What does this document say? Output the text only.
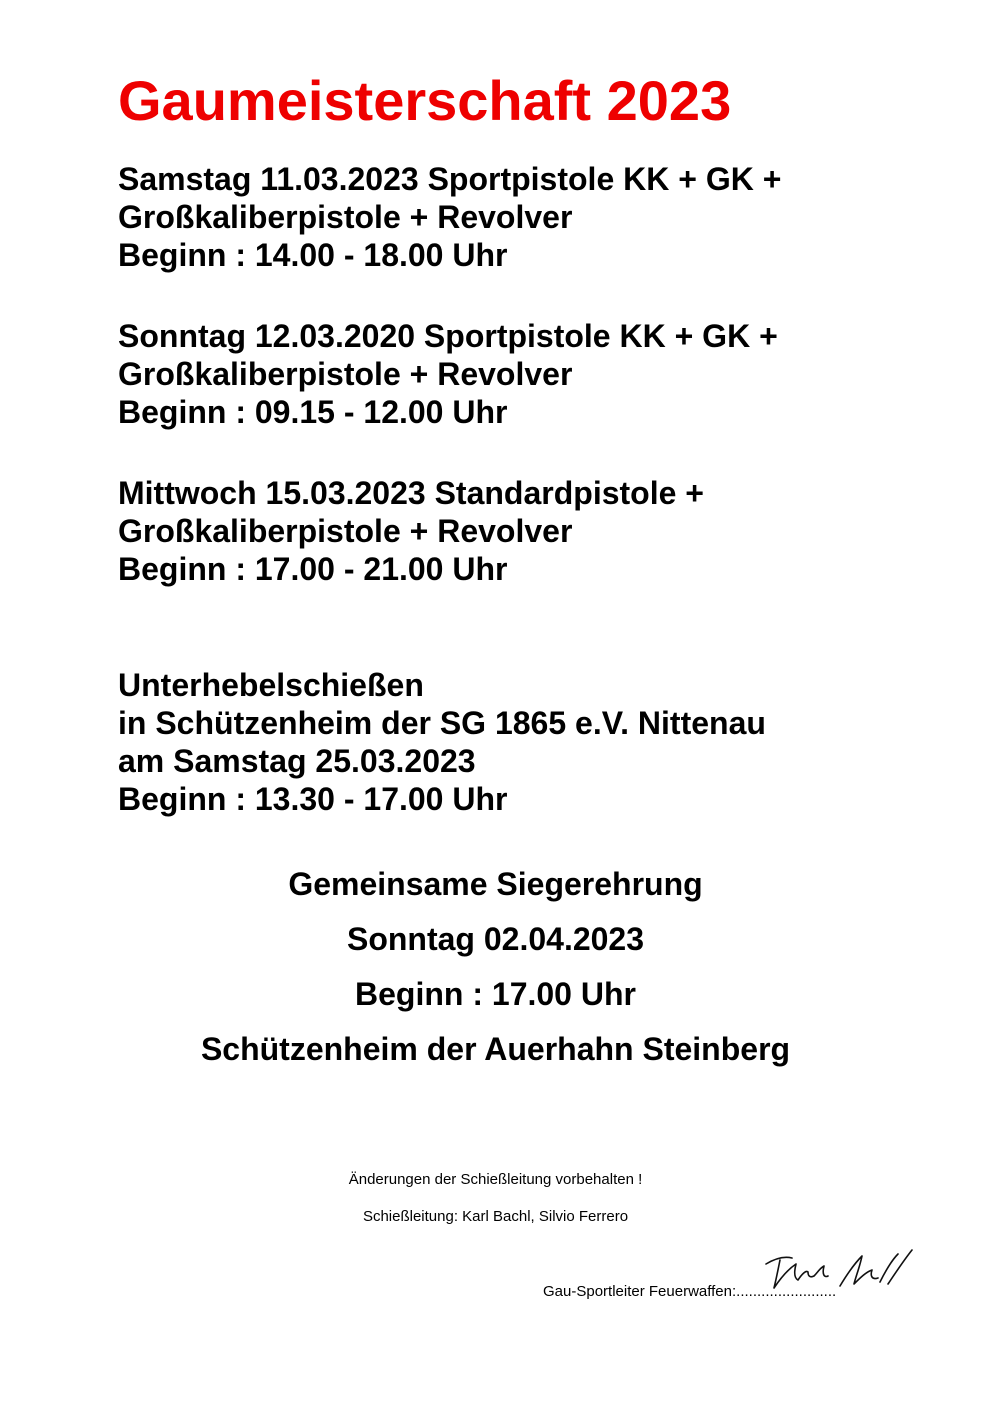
Gaumeisterschaft 2023
Samstag 11.03.2023 Sportpistole KK + GK +
Großkaliberpistole + Revolver
Beginn : 14.00 - 18.00 Uhr
Sonntag 12.03.2020 Sportpistole KK + GK +
Großkaliberpistole + Revolver
Beginn : 09.15 - 12.00 Uhr
Mittwoch 15.03.2023 Standardpistole +
Großkaliberpistole + Revolver
Beginn : 17.00 - 21.00 Uhr
Unterhebelschießen
in Schützenheim der SG 1865 e.V. Nittenau
am Samstag 25.03.2023
Beginn : 13.30 - 17.00 Uhr
Gemeinsame Siegerehrung
Sonntag 02.04.2023
Beginn : 17.00 Uhr
Schützenheim der Auerhahn Steinberg
Änderungen der Schießleitung vorbehalten !
Schießleitung: Karl Bachl, Silvio Ferrero
Gau-Sportleiter Feuerwaffen:........................
